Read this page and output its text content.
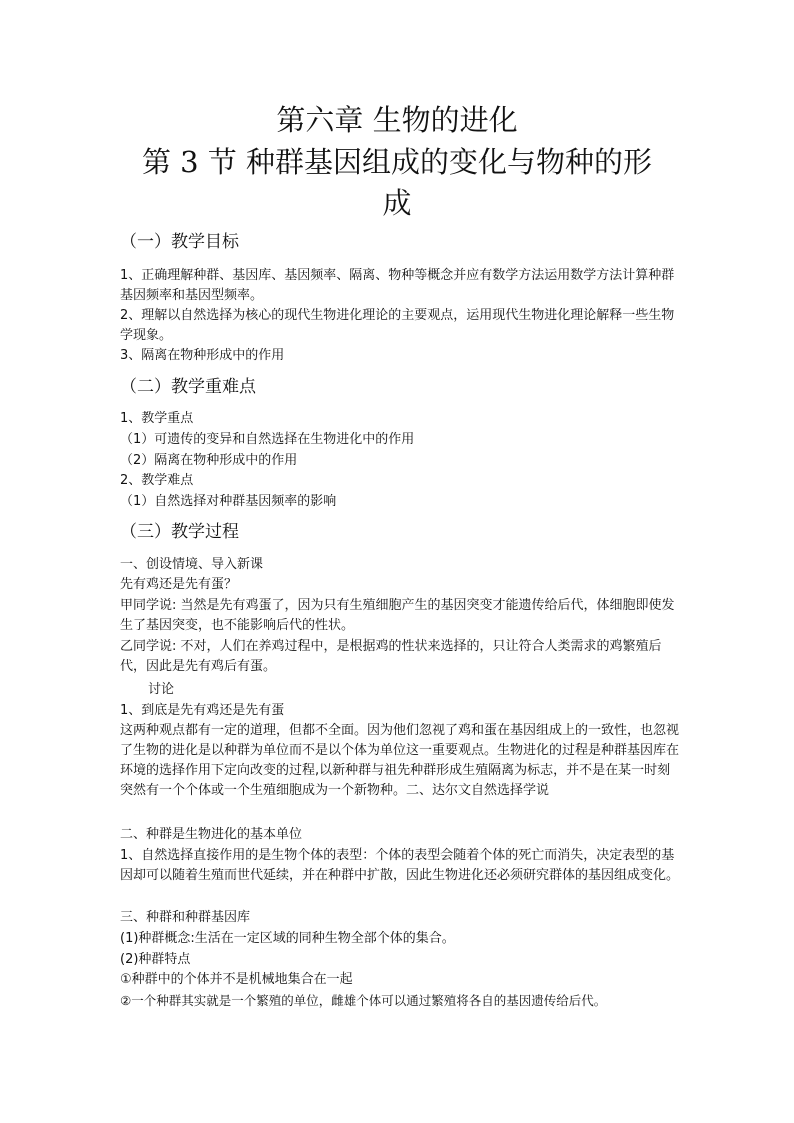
第六章 生物的进化
第 3 节 种群基因组成的变化与物种的形
成
（一）教学目标
1、正确理解种群、基因库、基因频率、隔离、物种等概念并应有数学方法运用数学方法计算种群基因频率和基因型频率。
2、理解以自然选择为核心的现代生物进化理论的主要观点，运用现代生物进化理论解释一些生物学现象。
3、隔离在物种形成中的作用
（二）教学重难点
1、教学重点
（1）可遗传的变异和自然选择在生物进化中的作用
（2）隔离在物种形成中的作用
2、教学难点
（1）自然选择对种群基因频率的影响
（三）教学过程
一、创设情境、导入新课
先有鸡还是先有蛋？
甲同学说: 当然是先有鸡蛋了，因为只有生殖细胞产生的基因突变才能遗传给后代，体细胞即使发生了基因突变，也不能影响后代的性状。
乙同学说: 不对，人们在养鸡过程中，是根据鸡的性状来选择的，只让符合人类需求的鸡繁殖后代，因此是先有鸡后有蛋。
讨论
1、到底是先有鸡还是先有蛋
这两种观点都有一定的道理，但都不全面。因为他们忽视了鸡和蛋在基因组成上的一致性，也忽视了生物的进化是以种群为单位而不是以个体为单位这一重要观点。生物进化的过程是种群基因库在环境的选择作用下定向改变的过程,以新种群与祖先种群形成生殖隔离为标志，并不是在某一时刻突然有一个个体或一个生殖细胞成为一个新物种。二、达尔文自然选择学说
二、种群是生物进化的基本单位
1、自然选择直接作用的是生物个体的表型：个体的表型会随着个体的死亡而消失，决定表型的基因却可以随着生殖而世代延续，并在种群中扩散，因此生物进化还必须研究群体的基因组成变化。
三、种群和种群基因库
(1)种群概念:生活在一定区域的同种生物全部个体的集合。
(2)种群特点
①种群中的个体并不是机械地集合在一起
②一个种群其实就是一个繁殖的单位，雌雄个体可以通过繁殖将各自的基因遗传给后代。
